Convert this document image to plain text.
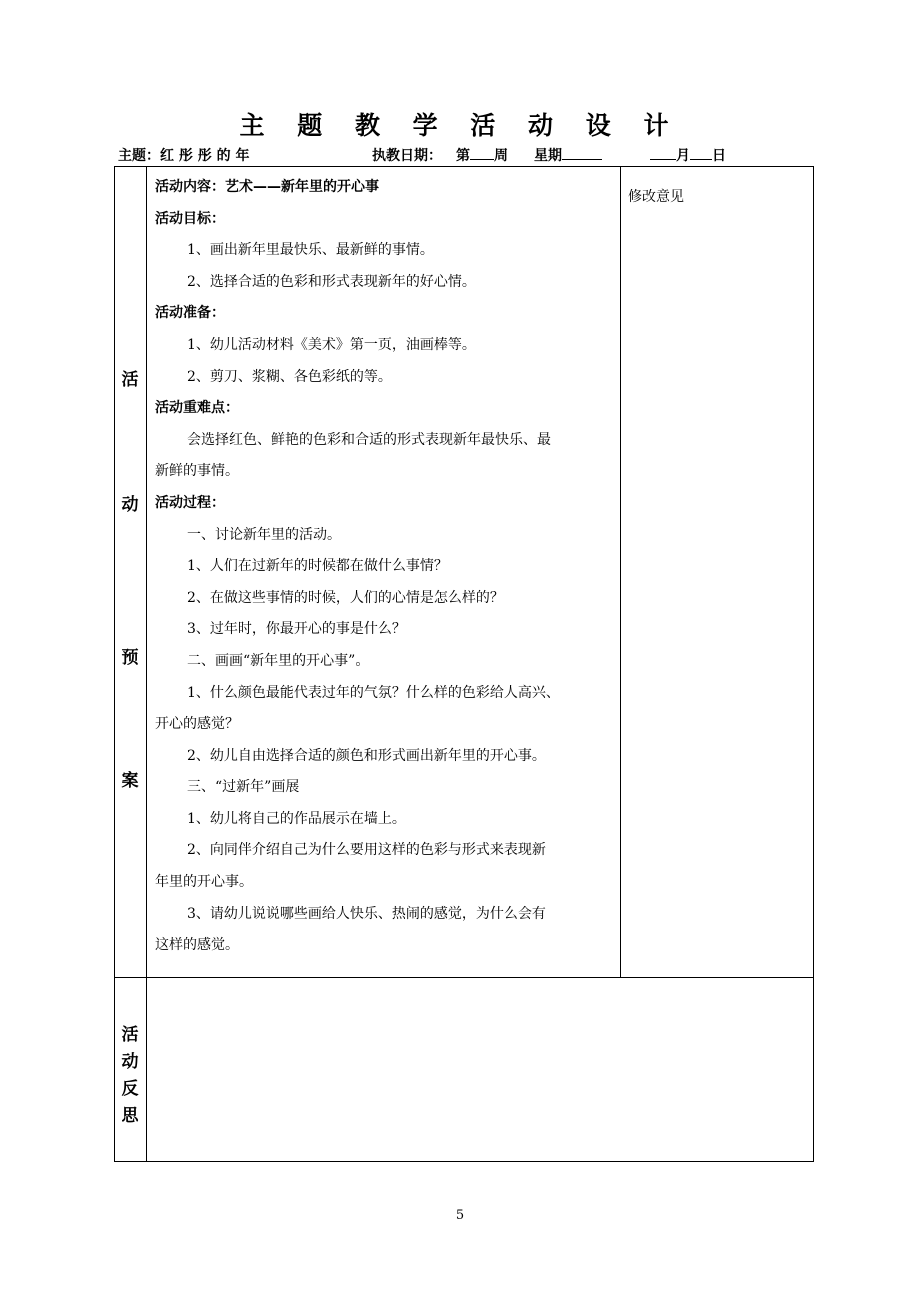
主 题 教 学 活 动 设 计
主题：红 彤 彤 的 年	执教日期： 第 周 星期	月 日
活
动
预
案
活
动
反
思

活动内容：艺术——新年里的开心事

活动目标：

1、画出新年里最快乐、最新鲜的事情。

2、选择合适的色彩和形式表现新年的好心情。

活动准备：

1、幼儿活动材料《美术》第一页，油画棒等。

2、剪刀、浆糊、各色彩纸的等。

活动重难点：

会选择红色、鲜艳的色彩和合适的形式表现新年最快乐、最

新鲜的事情。

活动过程：

一、讨论新年里的活动。

1、人们在过新年的时候都在做什么事情？

2、在做这些事情的时候，人们的心情是怎么样的？

3、过年时，你最开心的事是什么？

二、画画“新年里的开心事”。

1、什么颜色最能代表过年的气氛？什么样的色彩给人高兴、

开心的感觉？

2、幼儿自由选择合适的颜色和形式画出新年里的开心事。

三、“过新年”画展

1、幼儿将自己的作品展示在墙上。

2、向同伴介绍自己为什么要用这样的色彩与形式来表现新

年里的开心事。

3、请幼儿说说哪些画给人快乐、热闹的感觉，为什么会有

这样的感觉。

修改意见
5
